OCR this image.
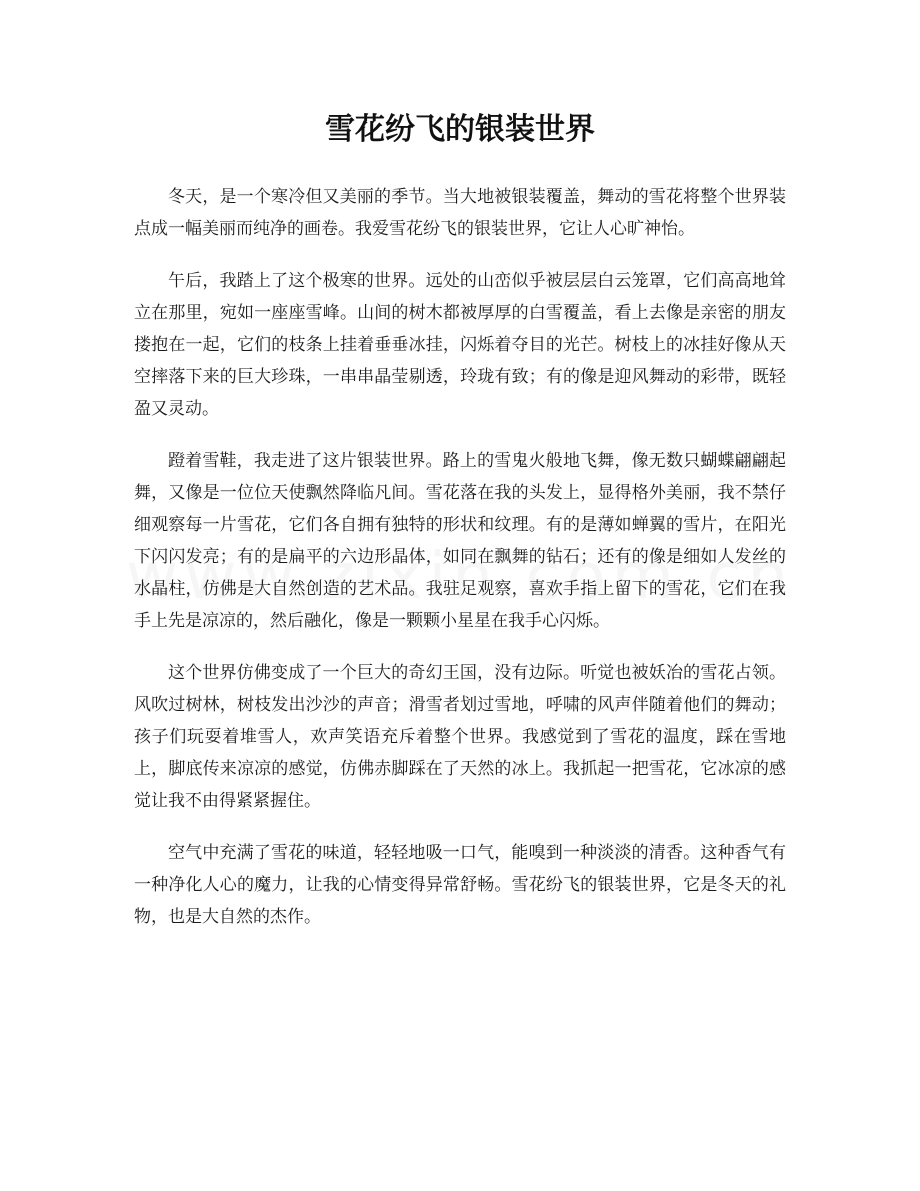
雪花纷飞的银装世界

冬天，是一个寒冷但又美丽的季节。当大地被银装覆盖，舞动的雪花将整个世界装点成一幅美丽而纯净的画卷。我爱雪花纷飞的银装世界，它让人心旷神怡。

午后，我踏上了这个极寒的世界。远处的山峦似乎被层层白云笼罩，它们高高地耸立在那里，宛如一座座雪峰。山间的树木都被厚厚的白雪覆盖，看上去像是亲密的朋友搂抱在一起，它们的枝条上挂着垂垂冰挂，闪烁着夺目的光芒。树枝上的冰挂好像从天空摔落下来的巨大珍珠，一串串晶莹剔透，玲珑有致；有的像是迎风舞动的彩带，既轻盈又灵动。

蹬着雪鞋，我走进了这片银装世界。路上的雪鬼火般地飞舞，像无数只蝴蝶翩翩起舞，又像是一位位天使飘然降临凡间。雪花落在我的头发上，显得格外美丽，我不禁仔细观察每一片雪花，它们各自拥有独特的形状和纹理。有的是薄如蝉翼的雪片，在阳光下闪闪发亮；有的是扁平的六边形晶体，如同在飘舞的钻石；还有的像是细如人发丝的水晶柱，仿佛是大自然创造的艺术品。我驻足观察，喜欢手指上留下的雪花，它们在我手上先是凉凉的，然后融化，像是一颗颗小星星在我手心闪烁。

这个世界仿佛变成了一个巨大的奇幻王国，没有边际。听觉也被妖冶的雪花占领。风吹过树林，树枝发出沙沙的声音；滑雪者划过雪地，呼啸的风声伴随着他们的舞动；孩子们玩耍着堆雪人，欢声笑语充斥着整个世界。我感觉到了雪花的温度，踩在雪地上，脚底传来凉凉的感觉，仿佛赤脚踩在了天然的冰上。我抓起一把雪花，它冰凉的感觉让我不由得紧紧握住。

空气中充满了雪花的味道，轻轻地吸一口气，能嗅到一种淡淡的清香。这种香气有一种净化人心的魔力，让我的心情变得异常舒畅。雪花纷飞的银装世界，它是冬天的礼物，也是大自然的杰作。
